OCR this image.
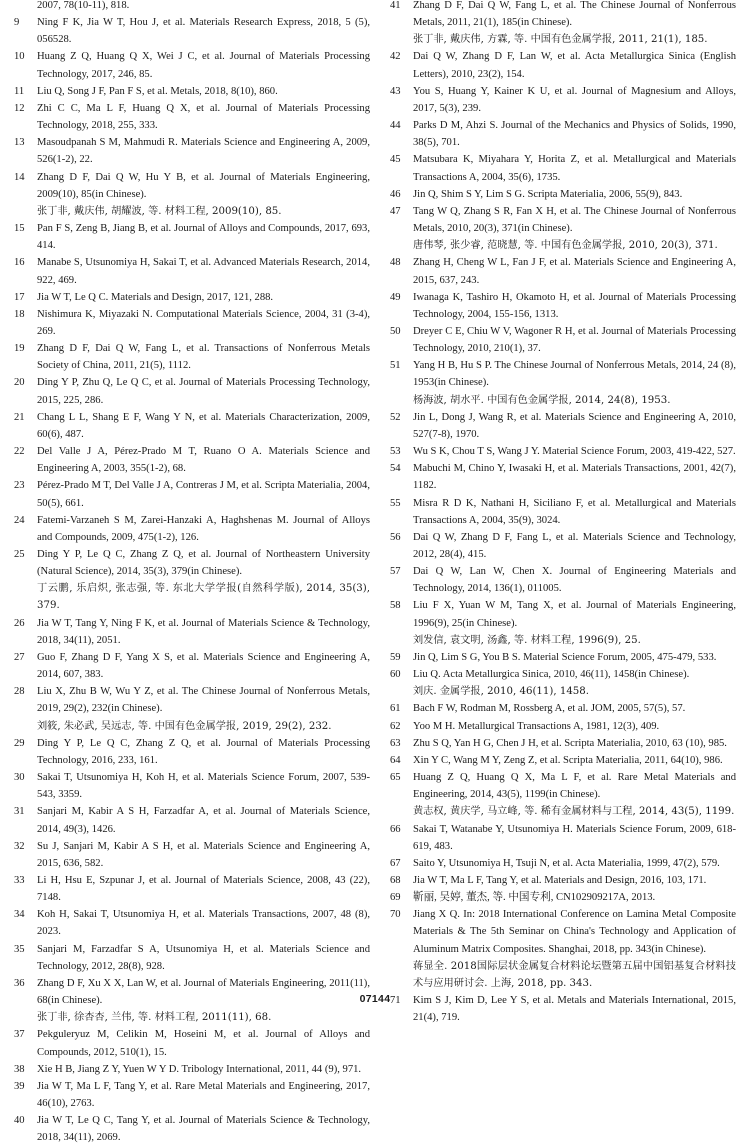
2007, 78(10-11), 818.
9	Ning F K, Jia W T, Hou J, et al. Materials Research Express, 2018, 5 (5), 056528.
10	Huang Z Q, Huang Q X, Wei J C, et al. Journal of Materials Processing Technology, 2017, 246, 85.
11	Liu Q, Song J F, Pan F S, et al. Metals, 2018, 8(10), 860.
12	Zhi C C, Ma L F, Huang Q X, et al. Journal of Materials Processing Technology, 2018, 255, 333.
13	Masoudpanah S M, Mahmudi R. Materials Science and Engineering A, 2009, 526(1-2), 22.
14	Zhang D F, Dai Q W, Hu Y B, et al. Journal of Materials Engineering, 2009(10), 85(in Chinese).
张丁非, 戴庆伟, 胡耀波, 等. 材料工程, 2009(10), 85.
15	Pan F S, Zeng B, Jiang B, et al. Journal of Alloys and Compounds, 2017, 693, 414.
16	Manabe S, Utsunomiya H, Sakai T, et al. Advanced Materials Research, 2014, 922, 469.
17	Jia W T, Le Q C. Materials and Design, 2017, 121, 288.
18	Nishimura K, Miyazaki N. Computational Materials Science, 2004, 31 (3-4), 269.
19	Zhang D F, Dai Q W, Fang L, et al. Transactions of Nonferrous Metals Society of China, 2011, 21(5), 1112.
20	Ding Y P, Zhu Q, Le Q C, et al. Journal of Materials Processing Technology, 2015, 225, 286.
21	Chang L L, Shang E F, Wang Y N, et al. Materials Characterization, 2009, 60(6), 487.
22	Del Valle J A, Pérez-Prado M T, Ruano O A. Materials Science and Engineering A, 2003, 355(1-2), 68.
23	Pérez-Prado M T, Del Valle J A, Contreras J M, et al. Scripta Materialia, 2004, 50(5), 661.
24	Fatemi-Varzaneh S M, Zarei-Hanzaki A, Haghshenas M. Journal of Alloys and Compounds, 2009, 475(1-2), 126.
25	Ding Y P, Le Q C, Zhang Z Q, et al. Journal of Northeastern University (Natural Science), 2014, 35(3), 379(in Chinese).
丁云鹏, 乐启炽, 张志强, 等. 东北大学学报(自然科学版), 2014, 35(3), 379.
26	Jia W T, Tang Y, Ning F K, et al. Journal of Materials Science & Technology, 2018, 34(11), 2051.
27	Guo F, Zhang D F, Yang X S, et al. Materials Science and Engineering A, 2014, 607, 383.
28	Liu X, Zhu B W, Wu Y Z, et al. The Chinese Journal of Nonferrous Metals, 2019, 29(2), 232(in Chinese).
刘筱, 朱必武, 吴远志, 等. 中国有色金属学报, 2019, 29(2), 232.
29	Ding Y P, Le Q C, Zhang Z Q, et al. Journal of Materials Processing Technology, 2016, 233, 161.
30	Sakai T, Utsunomiya H, Koh H, et al. Materials Science Forum, 2007, 539-543, 3359.
31	Sanjari M, Kabir A S H, Farzadfar A, et al. Journal of Materials Science, 2014, 49(3), 1426.
32	Su J, Sanjari M, Kabir A S H, et al. Materials Science and Engineering A, 2015, 636, 582.
33	Li H, Hsu E, Szpunar J, et al. Journal of Materials Science, 2008, 43 (22), 7148.
34	Koh H, Sakai T, Utsunomiya H, et al. Materials Transactions, 2007, 48 (8), 2023.
35	Sanjari M, Farzadfar S A, Utsunomiya H, et al. Materials Science and Technology, 2012, 28(8), 928.
36	Zhang D F, Xu X X, Lan W, et al. Journal of Materials Engineering, 2011(11), 68(in Chinese).
张丁非, 徐杏杏, 兰伟, 等. 材料工程, 2011(11), 68.
37	Pekguleryuz M, Celikin M, Hoseini M, et al. Journal of Alloys and Compounds, 2012, 510(1), 15.
38	Xie H B, Jiang Z Y, Yuen W Y D. Tribology International, 2011, 44 (9), 971.
39	Jia W T, Ma L F, Tang Y, et al. Rare Metal Materials and Engineering, 2017, 46(10), 2763.
40	Jia W T, Le Q C, Tang Y, et al. Journal of Materials Science & Technology, 2018, 34(11), 2069.
41	Zhang D F, Dai Q W, Fang L, et al. The Chinese Journal of Nonferrous Metals, 2011, 21(1), 185(in Chinese).
张丁非, 戴庆伟, 方霖, 等. 中国有色金属学报, 2011, 21(1), 185.
42	Dai Q W, Zhang D F, Lan W, et al. Acta Metallurgica Sinica (English Letters), 2010, 23(2), 154.
43	You S, Huang Y, Kainer K U, et al. Journal of Magnesium and Alloys, 2017, 5(3), 239.
44	Parks D M, Ahzi S. Journal of the Mechanics and Physics of Solids, 1990, 38(5), 701.
45	Matsubara K, Miyahara Y, Horita Z, et al. Metallurgical and Materials Transactions A, 2004, 35(6), 1735.
46	Jin Q, Shim S Y, Lim S G. Scripta Materialia, 2006, 55(9), 843.
47	Tang W Q, Zhang S R, Fan X H, et al. The Chinese Journal of Nonferrous Metals, 2010, 20(3), 371(in Chinese).
唐伟琴, 张少睿, 范晓慧, 等. 中国有色金属学报, 2010, 20(3), 371.
48	Zhang H, Cheng W L, Fan J F, et al. Materials Science and Engineering A, 2015, 637, 243.
49	Iwanaga K, Tashiro H, Okamoto H, et al. Journal of Materials Processing Technology, 2004, 155-156, 1313.
50	Dreyer C E, Chiu W V, Wagoner R H, et al. Journal of Materials Processing Technology, 2010, 210(1), 37.
51	Yang H B, Hu S P. The Chinese Journal of Nonferrous Metals, 2014, 24 (8), 1953(in Chinese).
杨海波, 胡水平. 中国有色金属学报, 2014, 24(8), 1953.
52	Jin L, Dong J, Wang R, et al. Materials Science and Engineering A, 2010, 527(7-8), 1970.
53	Wu S K, Chou T S, Wang J Y. Material Science Forum, 2003, 419-422, 527.
54	Mabuchi M, Chino Y, Iwasaki H, et al. Materials Transactions, 2001, 42(7), 1182.
55	Misra R D K, Nathani H, Siciliano F, et al. Metallurgical and Materials Transactions A, 2004, 35(9), 3024.
56	Dai Q W, Zhang D F, Fang L, et al. Materials Science and Technology, 2012, 28(4), 415.
57	Dai Q W, Lan W, Chen X. Journal of Engineering Materials and Technology, 2014, 136(1), 011005.
58	Liu F X, Yuan W M, Tang X, et al. Journal of Materials Engineering, 1996(9), 25(in Chinese).
刘发信, 袁文明, 汤鑫, 等. 材料工程, 1996(9), 25.
59	Jin Q, Lim S G, You B S. Material Science Forum, 2005, 475-479, 533.
60	Liu Q. Acta Metallurgica Sinica, 2010, 46(11), 1458(in Chinese).
刘庆. 金属学报, 2010, 46(11), 1458.
61	Bach F W, Rodman M, Rossberg A, et al. JOM, 2005, 57(5), 57.
62	Yoo M H. Metallurgical Transactions A, 1981, 12(3), 409.
63	Zhu S Q, Yan H G, Chen J H, et al. Scripta Materialia, 2010, 63 (10), 985.
64	Xin Y C, Wang M Y, Zeng Z, et al. Scripta Materialia, 2011, 64(10), 986.
65	Huang Z Q, Huang Q X, Ma L F, et al. Rare Metal Materials and Engineering, 2014, 43(5), 1199(in Chinese).
黄志权, 黄庆学, 马立峰, 等. 稀有金属材料与工程, 2014, 43(5), 1199.
66	Sakai T, Watanabe Y, Utsunomiya H. Materials Science Forum, 2009, 618-619, 483.
67	Saito Y, Utsunomiya H, Tsuji N, et al. Acta Materialia, 1999, 47(2), 579.
68	Jia W T, Ma L F, Tang Y, et al. Materials and Design, 2016, 103, 171.
69	靳丽, 吴婷, 董杰, 等. 中国专利, CN102909217A, 2013.
70	Jiang X Q. In: 2018 International Conference on Lamina Metal Composite Materials & The 5th Seminar on China's Technology and Application of Aluminum Matrix Composites. Shanghai, 2018, pp. 343(in Chinese).
蒋显全. 2018国际层状金属复合材料论坛暨第五届中国铝基复合材料技术与应用研讨会. 上海, 2018, pp. 343.
71	Kim S J, Kim D, Lee Y S, et al. Metals and Materials International, 2015, 21(4), 719.
07144
